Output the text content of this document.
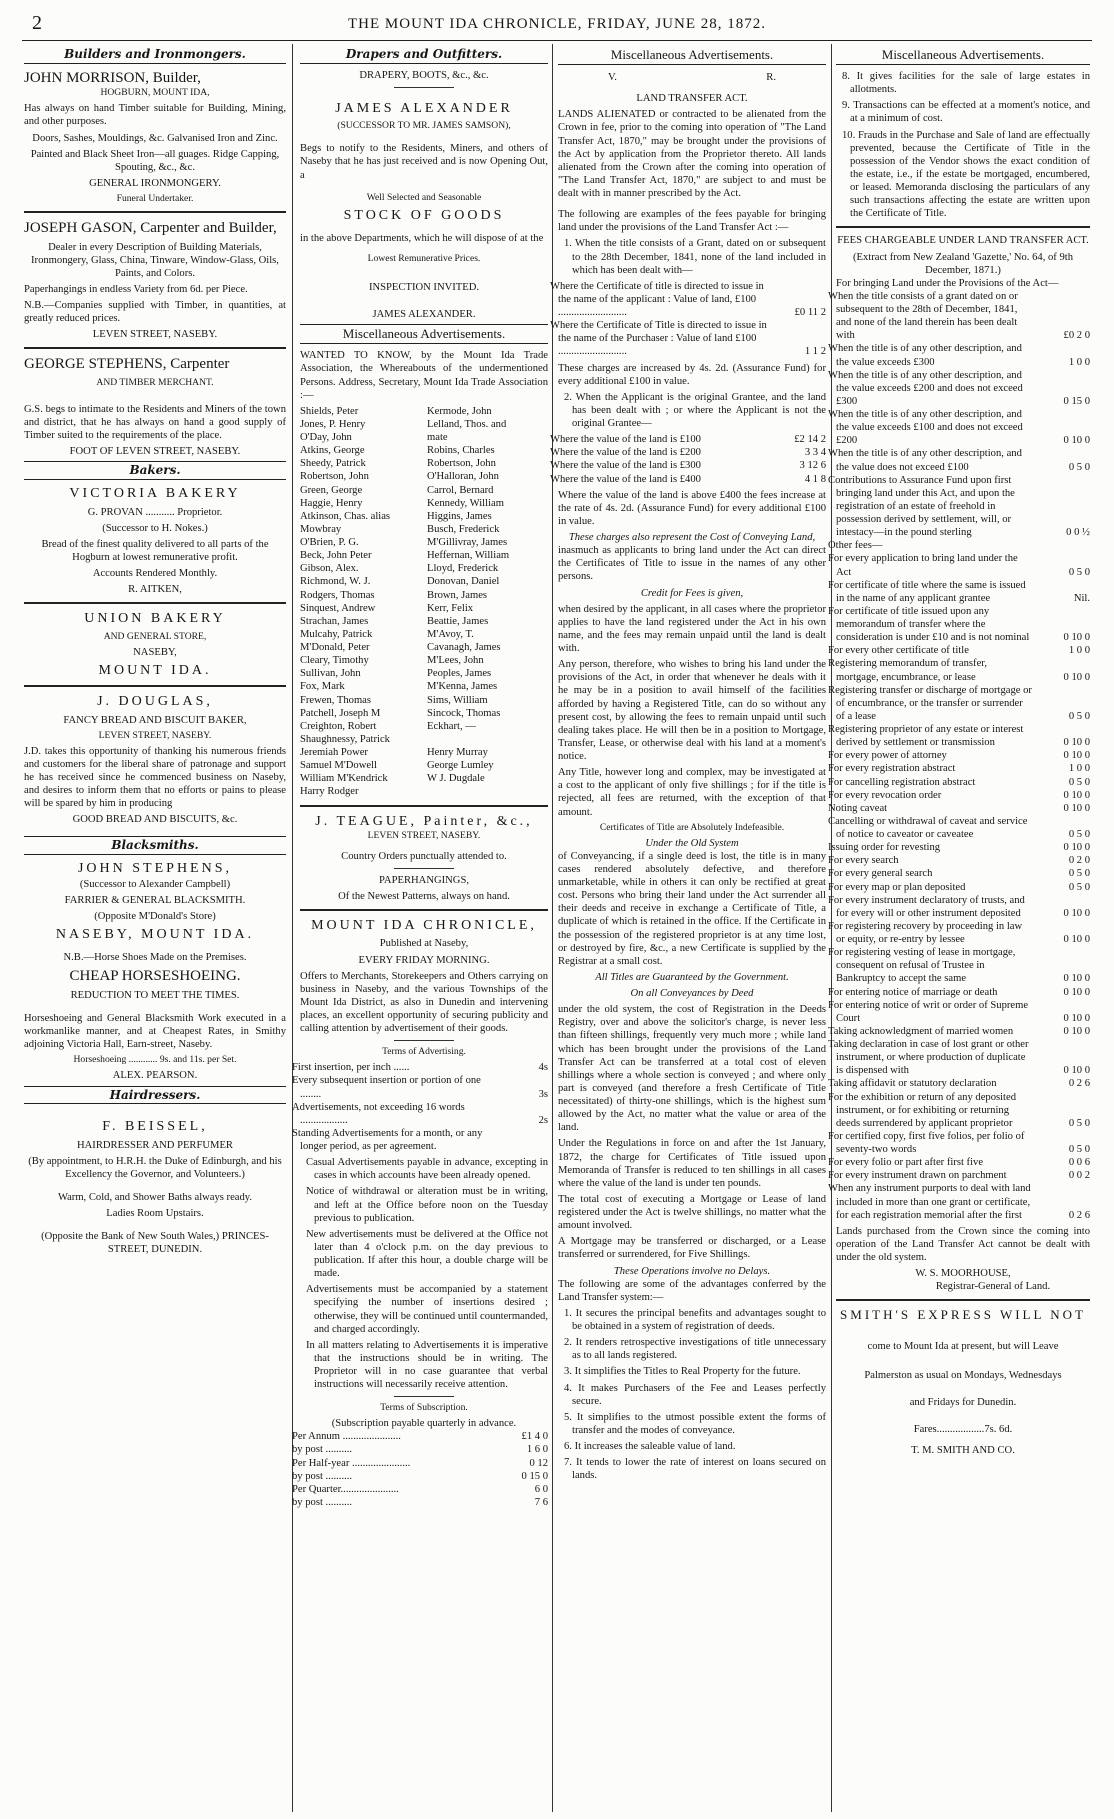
2	THE MOUNT IDA CHRONICLE, FRIDAY, JUNE 28, 1872.
Builders and Ironmongers.
JOHN MORRISON, Builder,
HOGBURN, MOUNT IDA,
Has always on hand Timber suitable for Building, Mining, and other purposes.
Doors, Sashes, Mouldings, &c. Galvanised Iron and Zinc.
Painted and Black Sheet Iron—all guages. Ridge Capping, Spouting, &c., &c.
GENERAL IRONMONGERY.
Funeral Undertaker.
JOSEPH GASON, Carpenter and Builder,
Dealer in every Description of Building Materials, Ironmongery, Glass, China, Tinware, Window-Glass, Oils, Paints, and Colors.
Paperhangings in endless Variety from 6d. per Piece.
N.B.—Companies supplied with Timber, in quantities, at greatly reduced prices.
LEVEN STREET, NASEBY.
GEORGE STEPHENS, Carpenter
AND TIMBER MERCHANT.
G.S. begs to intimate to the Residents and Miners of the town and district, that he has always on hand a good supply of Timber suited to the requirements of the place.
FOOT OF LEVEN STREET, NASEBY.
Bakers.
VICTORIA BAKERY
G. PROVAN ........... Proprietor.
(Successor to H. Nokes.)
Bread of the finest quality delivered to all parts of the Hogburn at lowest remunerative profit.
Accounts Rendered Monthly.
R. AITKEN,
UNION BAKERY
AND GENERAL STORE,
NASEBY,
MOUNT IDA.
J. DOUGLAS,
FANCY BREAD AND BISCUIT BAKER,
LEVEN STREET, NASEBY.
J.D. takes this opportunity of thanking his numerous friends and customers for the liberal share of patronage and support he has received since he commenced business on Naseby, and desires to inform them that no efforts or pains to please will be spared by him in producing
GOOD BREAD AND BISCUITS, &c.
Blacksmiths.
JOHN STEPHENS,
(Successor to Alexander Campbell)
FARRIER & GENERAL BLACKSMITH.
(Opposite M'Donald's Store)
NASEBY, MOUNT IDA.
N.B.—Horse Shoes Made on the Premises.
CHEAP HORSESHOEING.
REDUCTION TO MEET THE TIMES.
Horseshoeing and General Blacksmith Work executed in a workmanlike manner, and at Cheapest Rates, in Smithy adjoining Victoria Hall, Earn-street, Naseby.
Horseshoeing ............ 9s. and 11s. per Set.
ALEX. PEARSON.
Hairdressers.
F. BEISSEL,
HAIRDRESSER AND PERFUMER
(By appointment, to H.R.H. the Duke of Edinburgh, and his Excellency the Governor, and Volunteers.)
Warm, Cold, and Shower Baths always ready.
Ladies Room Upstairs.
(Opposite the Bank of New South Wales,) PRINCES-STREET, DUNEDIN.
Drapers and Outfitters.
DRAPERY, BOOTS, &c., &c.
JAMES ALEXANDER
(SUCCESSOR TO MR. JAMES SAMSON),
Begs to notify to the Residents, Miners, and others of Naseby that he has just received and is now Opening Out, a
Well Selected and Seasonable
STOCK OF GOODS
in the above Departments, which he will dispose of at the
Lowest Remunerative Prices.
INSPECTION INVITED.
JAMES ALEXANDER.
Miscellaneous Advertisements.
WANTED TO KNOW, by the Mount Ida Trade Association, the Whereabouts of the undermentioned Persons. Address, Secretary, Mount Ida Trade Association :—
Shields, Peter	Kermode, John
Jones, P. Henry	Lelland, Thos. and
O'Day, John	mate
Atkins, George	Robins, Charles
Sheedy, Patrick	Robertson, John
Robertson, John	O'Halloran, John
Green, George	Carrol, Bernard
Haggie, Henry	Kennedy, William
Atkinson, Chas. alias	Higgins, James
Mowbray	Busch, Frederick
O'Brien, P. G.	M'Gillivray, James
Beck, John Peter	Heffernan, William
Gibson, Alex.	Lloyd, Frederick
Richmond, W. J.	Donovan, Daniel
Rodgers, Thomas	Brown, James
Sinquest, Andrew	Kerr, Felix
Strachan, James	Beattie, James
Mulcahy, Patrick	M'Avoy, T.
M'Donald, Peter	Cavanagh, James
Cleary, Timothy	M'Lees, John
Sullivan, John	Peoples, James
Fox, Mark	M'Kenna, James
Frewen, Thomas	Sims, William
Patchell, Joseph M	Sincock, Thomas
Creighton, Robert	Eckhart, —
Shaughnessy, Patrick
Jeremiah Power	Henry Murray
Samuel M'Dowell	George Lumley
William M'Kendrick	W J. Dugdale
Harry Rodger
J. TEAGUE, Painter, &c.,
LEVEN STREET, NASEBY.
Country Orders punctually attended to.
PAPERHANGINGS,
Of the Newest Patterns, always on hand.
MOUNT IDA CHRONICLE,
Published at Naseby,
EVERY FRIDAY MORNING.
Offers to Merchants, Storekeepers and Others carrying on business in Naseby, and the various Townships of the Mount Ida District, as also in Dunedin and intervening places, an excellent opportunity of securing publicity and calling attention by advertisement of their goods.
Terms of Advertising.
First insertion, per inch ......	4s
Every subsequent insertion or portion of one ........	3s
Advertisements, not exceeding 16 words ..................	2s
Standing Advertisements for a month, or any longer period, as per agreement.	
Casual Advertisements payable in advance, excepting in cases in which accounts have been already opened.
Notice of withdrawal or alteration must be in writing, and left at the Office before noon on the Tuesday previous to publication.
New advertisements must be delivered at the Office not later than 4 o'clock p.m. on the day previous to publication. If after this hour, a double charge will be made.
Advertisements must be accompanied by a statement specifying the number of insertions desired ; otherwise, they will be continued until countermanded, and charged accordingly.
In all matters relating to Advertisements it is imperative that the instructions should be in writing. The Proprietor will in no case guarantee that verbal instructions will necessarily receive attention.
Terms of Subscription.
(Subscription payable quarterly in advance.
Per Annum ......................	£1 4 0
by post ..........	1 6 0
Per Half-year ......................	0 12
by post ..........	0 15 0
Per Quarter......................	6 0
by post ..........	7 6
Miscellaneous Advertisements.
V.	R.
LAND TRANSFER ACT.
LANDS ALIENATED or contracted to be alienated from the Crown in fee, prior to the coming into operation of "The Land Transfer Act, 1870," may be brought under the provisions of the Act by application from the Proprietor thereto. All lands alienated from the Crown after the coming into operation of "The Land Transfer Act, 1870," are subject to and must be dealt with in manner prescribed by the Act.
The following are examples of the fees payable for bringing land under the provisions of the Land Transfer Act :—
1. When the title consists of a Grant, dated on or subsequent to the 28th December, 1841, none of the land included in which has been dealt with—
Where the Certificate of title is directed to issue in the name of the applicant : Value of land, £100 ..........................	£0 11 2
Where the Certificate of Title is directed to issue in the name of the Purchaser : Value of land £100 ..........................	1 1 2
These charges are increased by 4s. 2d. (Assurance Fund) for every additional £100 in value.
2. When the Applicant is the original Grantee, and the land has been dealt with ; or where the Applicant is not the original Grantee—
Where the value of the land is £100	£2 14 2
Where the value of the land is £200	3 3 4
Where the value of the land is £300	3 12 6
Where the value of the land is £400	4 1 8
Where the value of the land is above £400 the fees increase at the rate of 4s. 2d. (Assurance Fund) for every additional £100 in value.
These charges also represent the Cost of Conveying Land,
inasmuch as applicants to bring land under the Act can direct the Certificates of Title to issue in the names of any other persons.
Credit for Fees is given,
when desired by the applicant, in all cases where the proprietor applies to have the land registered under the Act in his own name, and the fees may remain unpaid until the land is dealt with.
Any person, therefore, who wishes to bring his land under the provisions of the Act, in order that whenever he deals with it he may be in a position to avail himself of the facilities afforded by having a Registered Title, can do so without any present cost, by allowing the fees to remain unpaid until such dealing takes place. He will then be in a position to Mortgage, Transfer, Lease, or otherwise deal with his land at a moment's notice.
Any Title, however long and complex, may be investigated at a cost to the applicant of only five shillings ; for if the title is rejected, all fees are returned, with the exception of that amount.
Certificates of Title are Absolutely Indefeasible.
Under the Old System
of Conveyancing, if a single deed is lost, the title is in many cases rendered absolutely defective, and therefore unmarketable, while in others it can only be rectified at great cost. Persons who bring their land under the Act surrender all their deeds and receive in exchange a Certificate of Title, a duplicate of which is retained in the office. If the Certificate in the possession of the registered proprietor is at any time lost, or destroyed by fire, &c., a new Certificate is supplied by the Registrar at a small cost.
All Titles are Guaranteed by the Government.
On all Conveyances by Deed
under the old system, the cost of Registration in the Deeds Registry, over and above the solicitor's charge, is never less than fifteen shillings, frequently very much more ; while land which has been brought under the provisions of the Land Transfer Act can be transferred at a total cost of eleven shillings where a whole section is conveyed ; and where only part is conveyed (and therefore a fresh Certificate of Title necessitated) of thirty-one shillings, which is the highest sum allowed by the Act, no matter what the value or area of the land.
Under the Regulations in force on and after the 1st January, 1872, the charge for Certificates of Title issued upon Memoranda of Transfer is reduced to ten shillings in all cases where the value of the land is under ten pounds.
The total cost of executing a Mortgage or Lease of land registered under the Act is twelve shillings, no matter what the amount involved.
A Mortgage may be transferred or discharged, or a Lease transferred or surrendered, for Five Shillings.
These Operations involve no Delays.
The following are some of the advantages conferred by the Land Transfer system:—
1. It secures the principal benefits and advantages sought to be obtained in a system of registration of deeds.
2. It renders retrospective investigations of title unnecessary as to all lands registered.
3. It simplifies the Titles to Real Property for the future.
4. It makes Purchasers of the Fee and Leases perfectly secure.
5. It simplifies to the utmost possible extent the forms of transfer and the modes of conveyance.
6. It increases the saleable value of land.
7. It tends to lower the rate of interest on loans secured on lands.
Miscellaneous Advertisements.
8. It gives facilities for the sale of large estates in allotments.
9. Transactions can be effected at a moment's notice, and at a minimum of cost.
10. Frauds in the Purchase and Sale of land are effectually prevented, because the Certificate of Title in the possession of the Vendor shows the exact condition of the estate, i.e., if the estate be mortgaged, encumbered, or leased. Memoranda disclosing the particulars of any such transactions affecting the estate are written upon the Certificate of Title.
FEES CHARGEABLE UNDER LAND TRANSFER ACT.
(Extract from New Zealand 'Gazette,' No. 64, of 9th December, 1871.)
For bringing Land under the Provisions of the Act—
When the title consists of a grant dated on or subsequent to the 28th of December, 1841, and none of the land therein has been dealt with	£0 2 0
When the title is of any other description, and the value exceeds £300	1 0 0
When the title is of any other description, and the value exceeds £200 and does not exceed £300	0 15 0
When the title is of any other description, and the value exceeds £100 and does not exceed £200	0 10 0
When the title is of any other description, and the value does not exceed £100	0 5 0
Contributions to Assurance Fund upon first bringing land under this Act, and upon the registration of an estate of freehold in possession derived by settlement, will, or intestacy—in the pound sterling	0 0 ½
Other fees—	
For every application to bring land under the Act	0 5 0
For certificate of title where the same is issued in the name of any applicant grantee	Nil.
For certificate of title issued upon any memorandum of transfer where the consideration is under £10 and is not nominal	0 10 0
For every other certificate of title	1 0 0
Registering memorandum of transfer, mortgage, encumbrance, or lease	0 10 0
Registering transfer or discharge of mortgage or of encumbrance, or the transfer or surrender of a lease	0 5 0
Registering proprietor of any estate or interest derived by settlement or transmission	0 10 0
For every power of attorney	0 10 0
For every registration abstract	1 0 0
For cancelling registration abstract	0 5 0
For every revocation order	0 10 0
Noting caveat	0 10 0
Cancelling or withdrawal of caveat and service of notice to caveator or caveatee	0 5 0
Issuing order for revesting	0 10 0
For every search	0 2 0
For every general search	0 5 0
For every map or plan deposited	0 5 0
For every instrument declaratory of trusts, and for every will or other instrument deposited	0 10 0
For registering recovery by proceeding in law or equity, or re-entry by lessee	0 10 0
For registering vesting of lease in mortgage, consequent on refusal of Trustee in Bankruptcy to accept the same	0 10 0
For entering notice of marriage or death	0 10 0
For entering notice of writ or order of Supreme Court	0 10 0
Taking acknowledgment of married women	0 10 0
Taking declaration in case of lost grant or other instrument, or where production of duplicate is dispensed with	0 10 0
Taking affidavit or statutory declaration	0 2 6
For the exhibition or return of any deposited instrument, or for exhibiting or returning deeds surrendered by applicant proprietor	0 5 0
For certified copy, first five folios, per folio of seventy-two words	0 5 0
For every folio or part after first five	0 0 6
For every instrument drawn on parchment	0 0 2
When any instrument purports to deal with land included in more than one grant or certificate, for each registration memorial after the first	0 2 6
Lands purchased from the Crown since the coming into operation of the Land Transfer Act cannot be dealt with under the old system.
W. S. MOORHOUSE,
Registrar-General of Land.
SMITH'S EXPRESS WILL NOT
come to Mount Ida at present, but will Leave
Palmerston as usual on Mondays, Wednesdays
and Fridays for Dunedin.
Fares..................7s. 6d.
T. M. SMITH AND CO.
